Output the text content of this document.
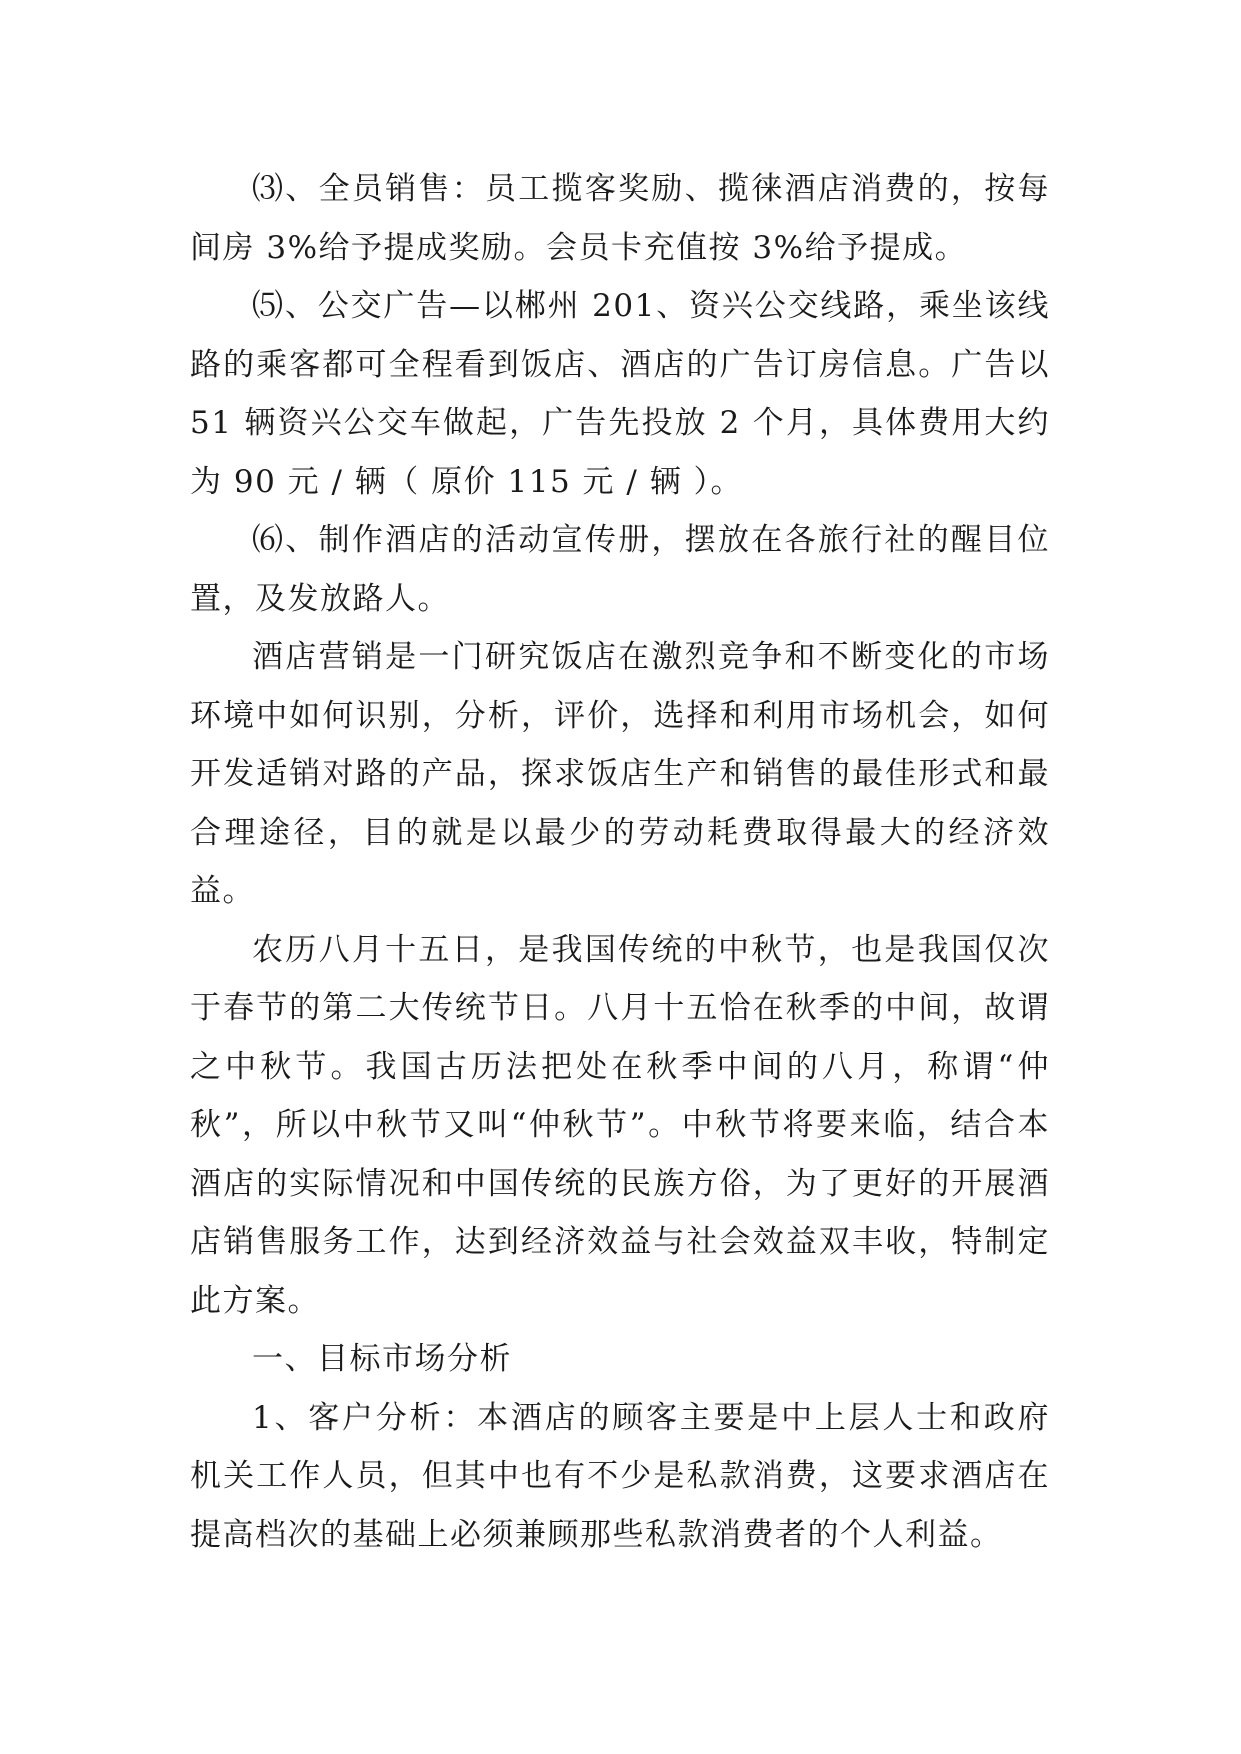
⑶、全员销售：员工揽客奖励、揽徕酒店消费的，按每间房 3%给予提成奖励。会员卡充值按 3%给予提成。

⑸、公交广告—以郴州 201、资兴公交线路，乘坐该线路的乘客都可全程看到饭店、酒店的广告订房信息。广告以 51 辆资兴公交车做起，广告先投放 2 个月，具体费用大约为 90 元 / 辆（ 原价 115 元 / 辆 ）。

⑹、制作酒店的活动宣传册，摆放在各旅行社的醒目位置，及发放路人。

酒店营销是一门研究饭店在激烈竞争和不断变化的市场环境中如何识别，分析，评价，选择和利用市场机会，如何开发适销对路的产品，探求饭店生产和销售的最佳形式和最合理途径，目的就是以最少的劳动耗费取得最大的经济效益。

农历八月十五日，是我国传统的中秋节，也是我国仅次于春节的第二大传统节日。八月十五恰在秋季的中间，故谓之中秋节。我国古历法把处在秋季中间的八月，称谓“仲秋”，所以中秋节又叫“仲秋节”。中秋节将要来临，结合本酒店的实际情况和中国传统的民族方俗，为了更好的开展酒店销售服务工作，达到经济效益与社会效益双丰收，特制定此方案。

一、目标市场分析

1、客户分析：本酒店的顾客主要是中上层人士和政府机关工作人员，但其中也有不少是私款消费，这要求酒店在提高档次的基础上必须兼顾那些私款消费者的个人利益。
